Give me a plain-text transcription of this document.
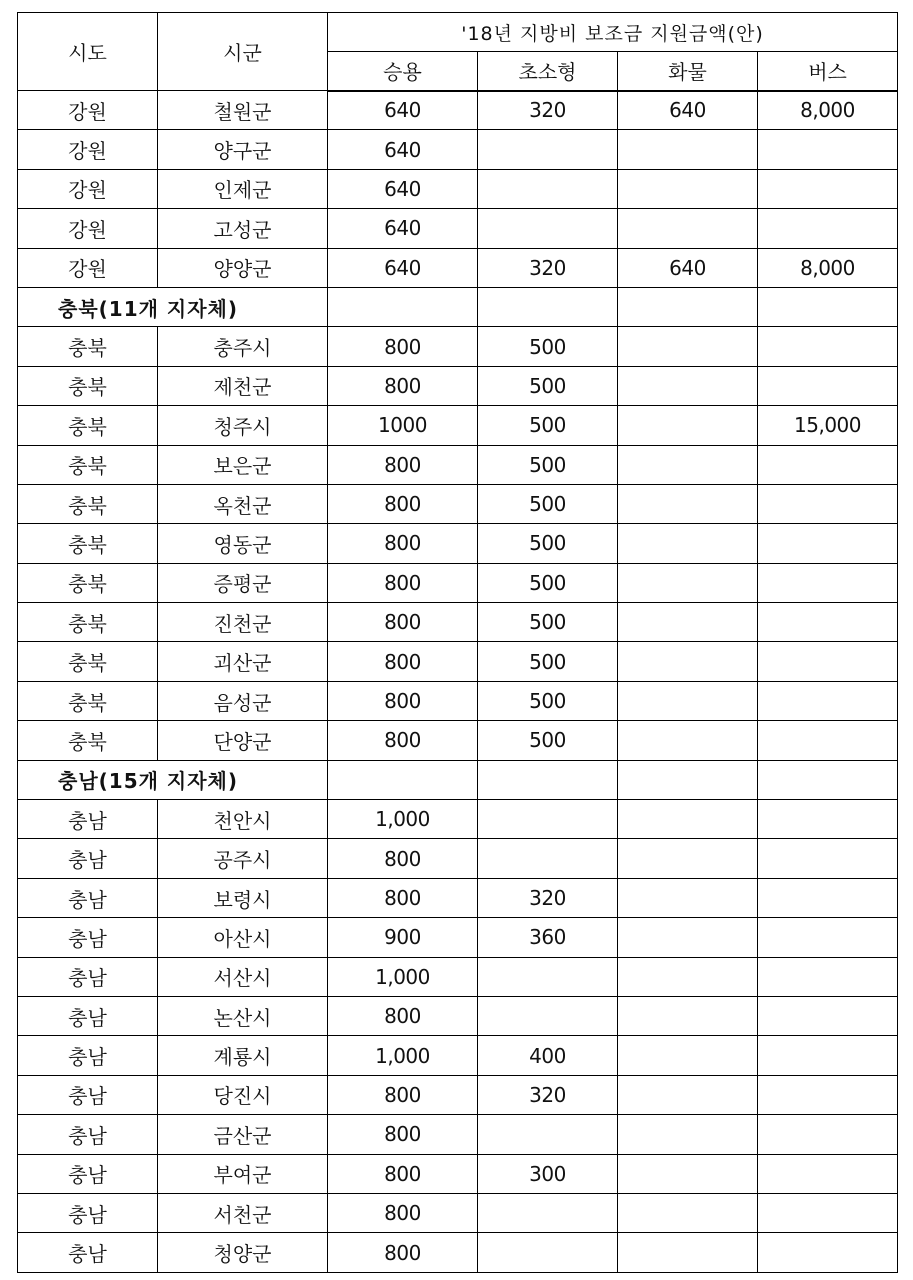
시도	시군	'18년 지방비 보조금 지원금액(안)			
		승용	초소형	화물	버스
강원	철원군	640	320	640	8,000
강원	양구군	640			
강원	인제군	640			
강원	고성군	640			
강원	양양군	640	320	640	8,000
충북(11개 지자체)					
충북	충주시	800	500		
충북	제천군	800	500		
충북	청주시	1000	500		15,000
충북	보은군	800	500		
충북	옥천군	800	500		
충북	영동군	800	500		
충북	증평군	800	500		
충북	진천군	800	500		
충북	괴산군	800	500		
충북	음성군	800	500		
충북	단양군	800	500		
충남(15개 지자체)					
충남	천안시	1,000			
충남	공주시	800			
충남	보령시	800	320		
충남	아산시	900	360		
충남	서산시	1,000			
충남	논산시	800			
충남	계룡시	1,000	400		
충남	당진시	800	320		
충남	금산군	800			
충남	부여군	800	300		
충남	서천군	800			
충남	청양군	800			
